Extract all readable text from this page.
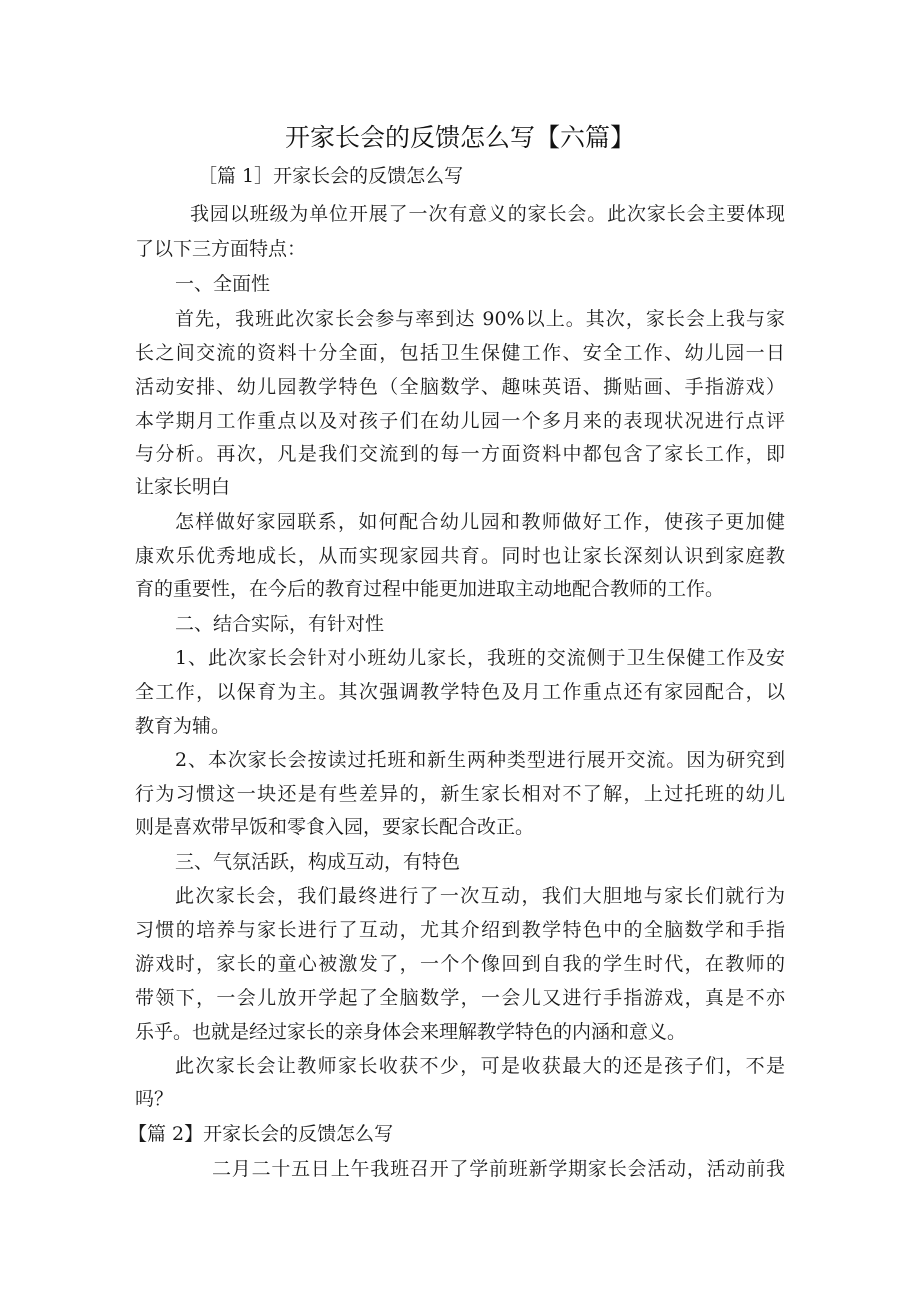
开家长会的反馈怎么写【六篇】
［篇 1］开家长会的反馈怎么写
我园以班级为单位开展了一次有意义的家长会。此次家长会主要体现
了以下三方面特点：
一、全面性
首先，我班此次家长会参与率到达 90%以上。其次，家长会上我与家
长之间交流的资料十分全面，包括卫生保健工作、安全工作、幼儿园一日
活动安排、幼儿园教学特色（全脑数学、趣味英语、撕贴画、手指游戏）
本学期月工作重点以及对孩子们在幼儿园一个多月来的表现状况进行点评
与分析。再次，凡是我们交流到的每一方面资料中都包含了家长工作，即
让家长明白
怎样做好家园联系，如何配合幼儿园和教师做好工作，使孩子更加健
康欢乐优秀地成长，从而实现家园共育。同时也让家长深刻认识到家庭教
育的重要性，在今后的教育过程中能更加进取主动地配合教师的工作。
二、结合实际，有针对性
1、此次家长会针对小班幼儿家长，我班的交流侧于卫生保健工作及安
全工作，以保育为主。其次强调教学特色及月工作重点还有家园配合，以
教育为辅。
2、本次家长会按读过托班和新生两种类型进行展开交流。因为研究到
行为习惯这一块还是有些差异的，新生家长相对不了解，上过托班的幼儿
则是喜欢带早饭和零食入园，要家长配合改正。
三、气氛活跃，构成互动，有特色
此次家长会，我们最终进行了一次互动，我们大胆地与家长们就行为
习惯的培养与家长进行了互动，尤其介绍到教学特色中的全脑数学和手指
游戏时，家长的童心被激发了，一个个像回到自我的学生时代，在教师的
带领下，一会儿放开学起了全脑数学，一会儿又进行手指游戏，真是不亦
乐乎。也就是经过家长的亲身体会来理解教学特色的内涵和意义。
此次家长会让教师家长收获不少，可是收获最大的还是孩子们，不是
吗？
【篇 2】开家长会的反馈怎么写
二月二十五日上午我班召开了学前班新学期家长会活动，活动前我
